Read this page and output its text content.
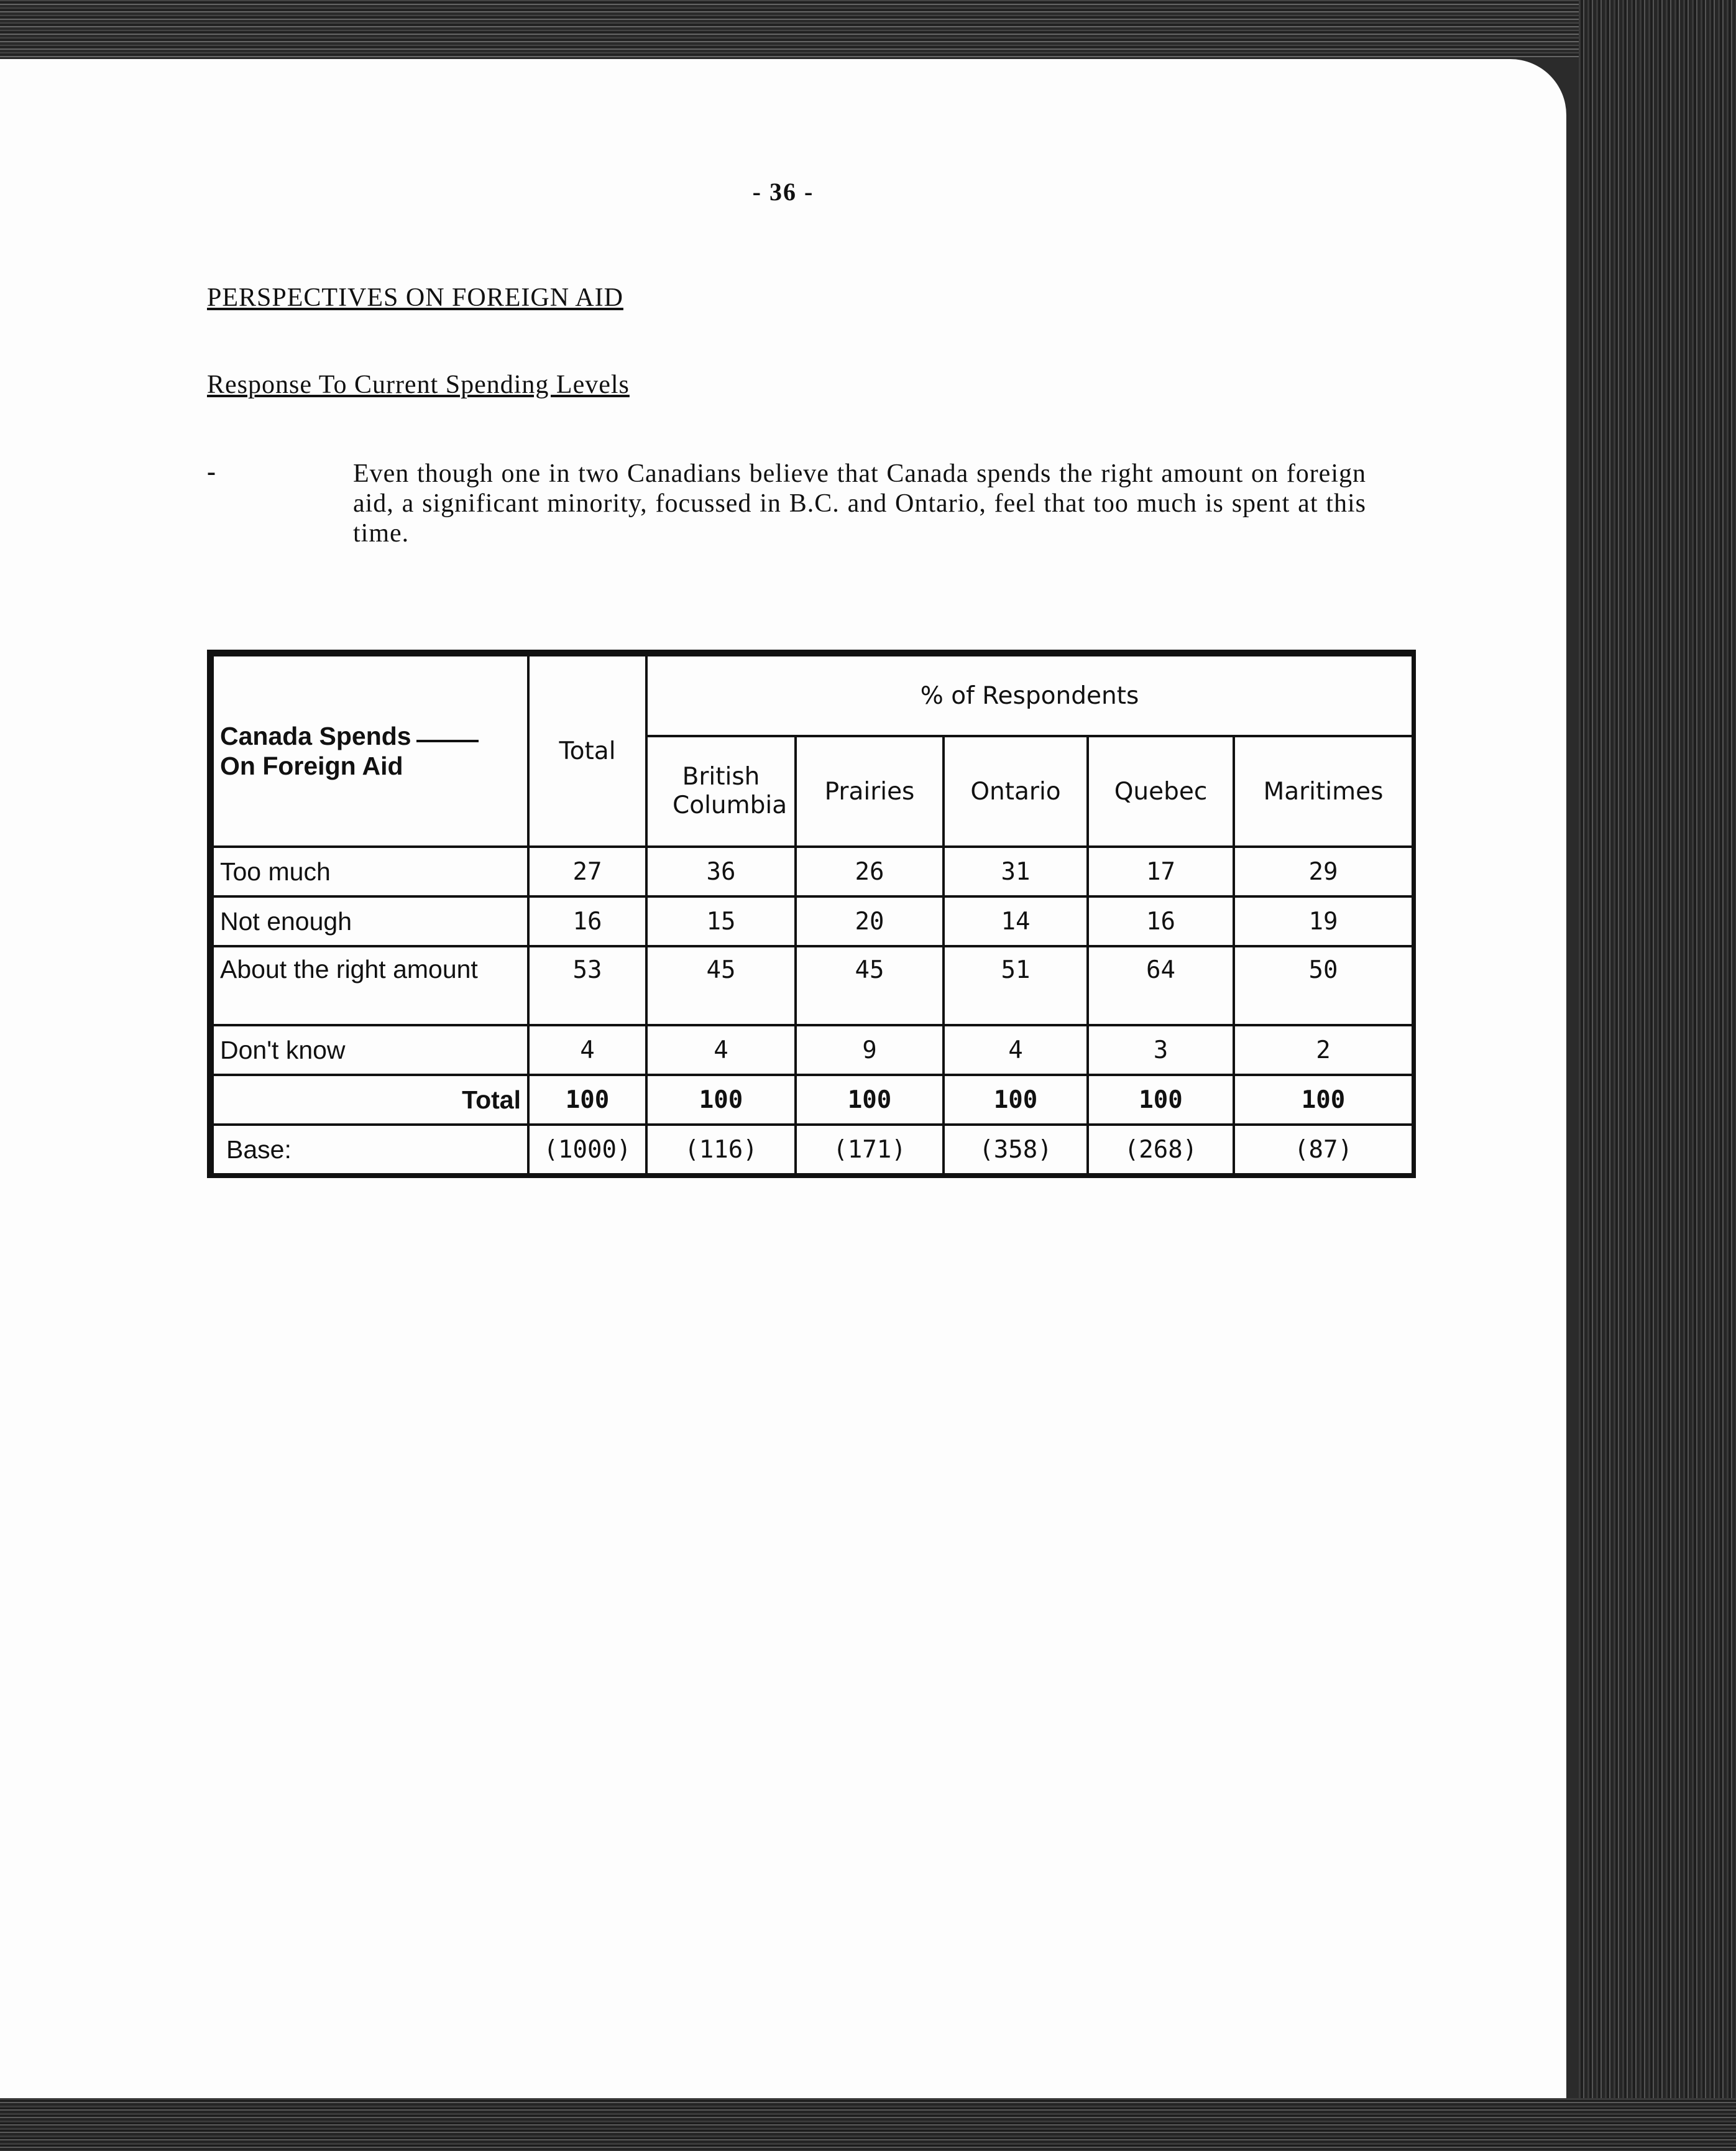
- 36 -
PERSPECTIVES ON FOREIGN AID
Response To Current Spending Levels
-	Even though one in two Canadians believe that Canada spends the right amount on foreign aid, a significant minority, focussed in B.C. and Ontario, feel that too much is spent at this time.
Canada Spends
On Foreign Aid	Total	% of Respondents				
		British Columbia	Prairies	Ontario	Quebec	Maritimes
Too much	27	36	26	31	17	29
Not enough	16	15	20	14	16	19
About the right amount	53	45	45	51	64	50
Don't know	4	4	9	4	3	2
Total	100	100	100	100	100	100
Base:	(1000)	(116)	(171)	(358)	(268)	(87)
